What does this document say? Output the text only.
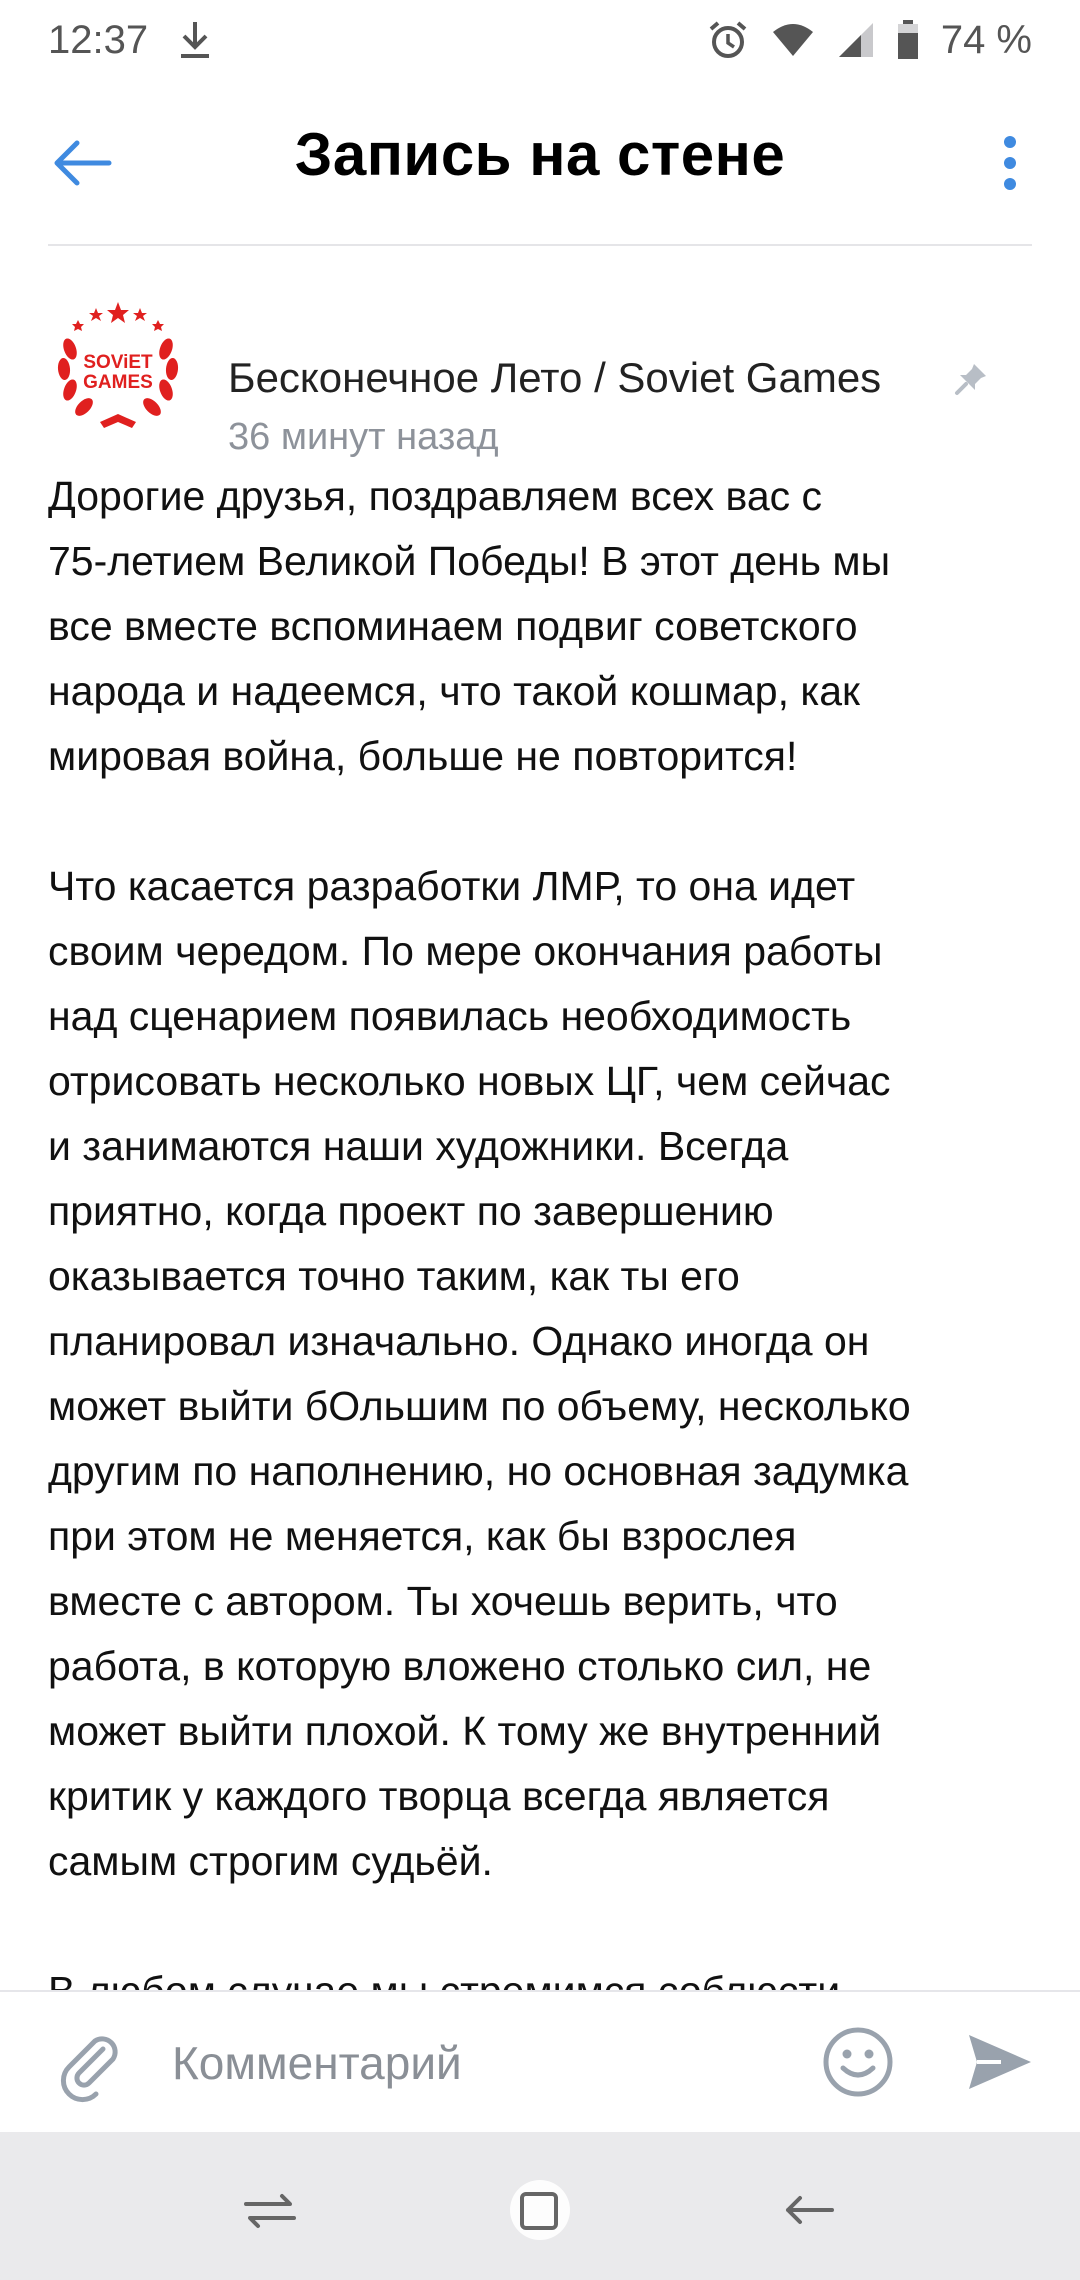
12:37	74 %
Запись на стене
SOViET
GAMES Бесконечное Лето / Soviet Games
36 минут назад

Дорогие друзья, поздравляем всех вас с
75-летием Великой Победы! В этот день мы
все вместе вспоминаем подвиг советского
народа и надеемся, что такой кошмар, как
мировая война, больше не повторится!

Что касается разработки ЛМР, то она идет
своим чередом. По мере окончания работы
над сценарием появилась необходимость
отрисовать несколько новых ЦГ, чем сейчас
и занимаются наши художники. Всегда
приятно, когда проект по завершению
оказывается точно таким, как ты его
планировал изначально. Однако иногда он
может выйти бОльшим по объему, несколько
другим по наполнению, но основная задумка
при этом не меняется, как бы взрослея
вместе с автором. Ты хочешь верить, что
работа, в которую вложено столько сил, не
может выйти плохой. К тому же внутренний
критик у каждого творца всегда является
самым строгим судьёй.

Комментарий
